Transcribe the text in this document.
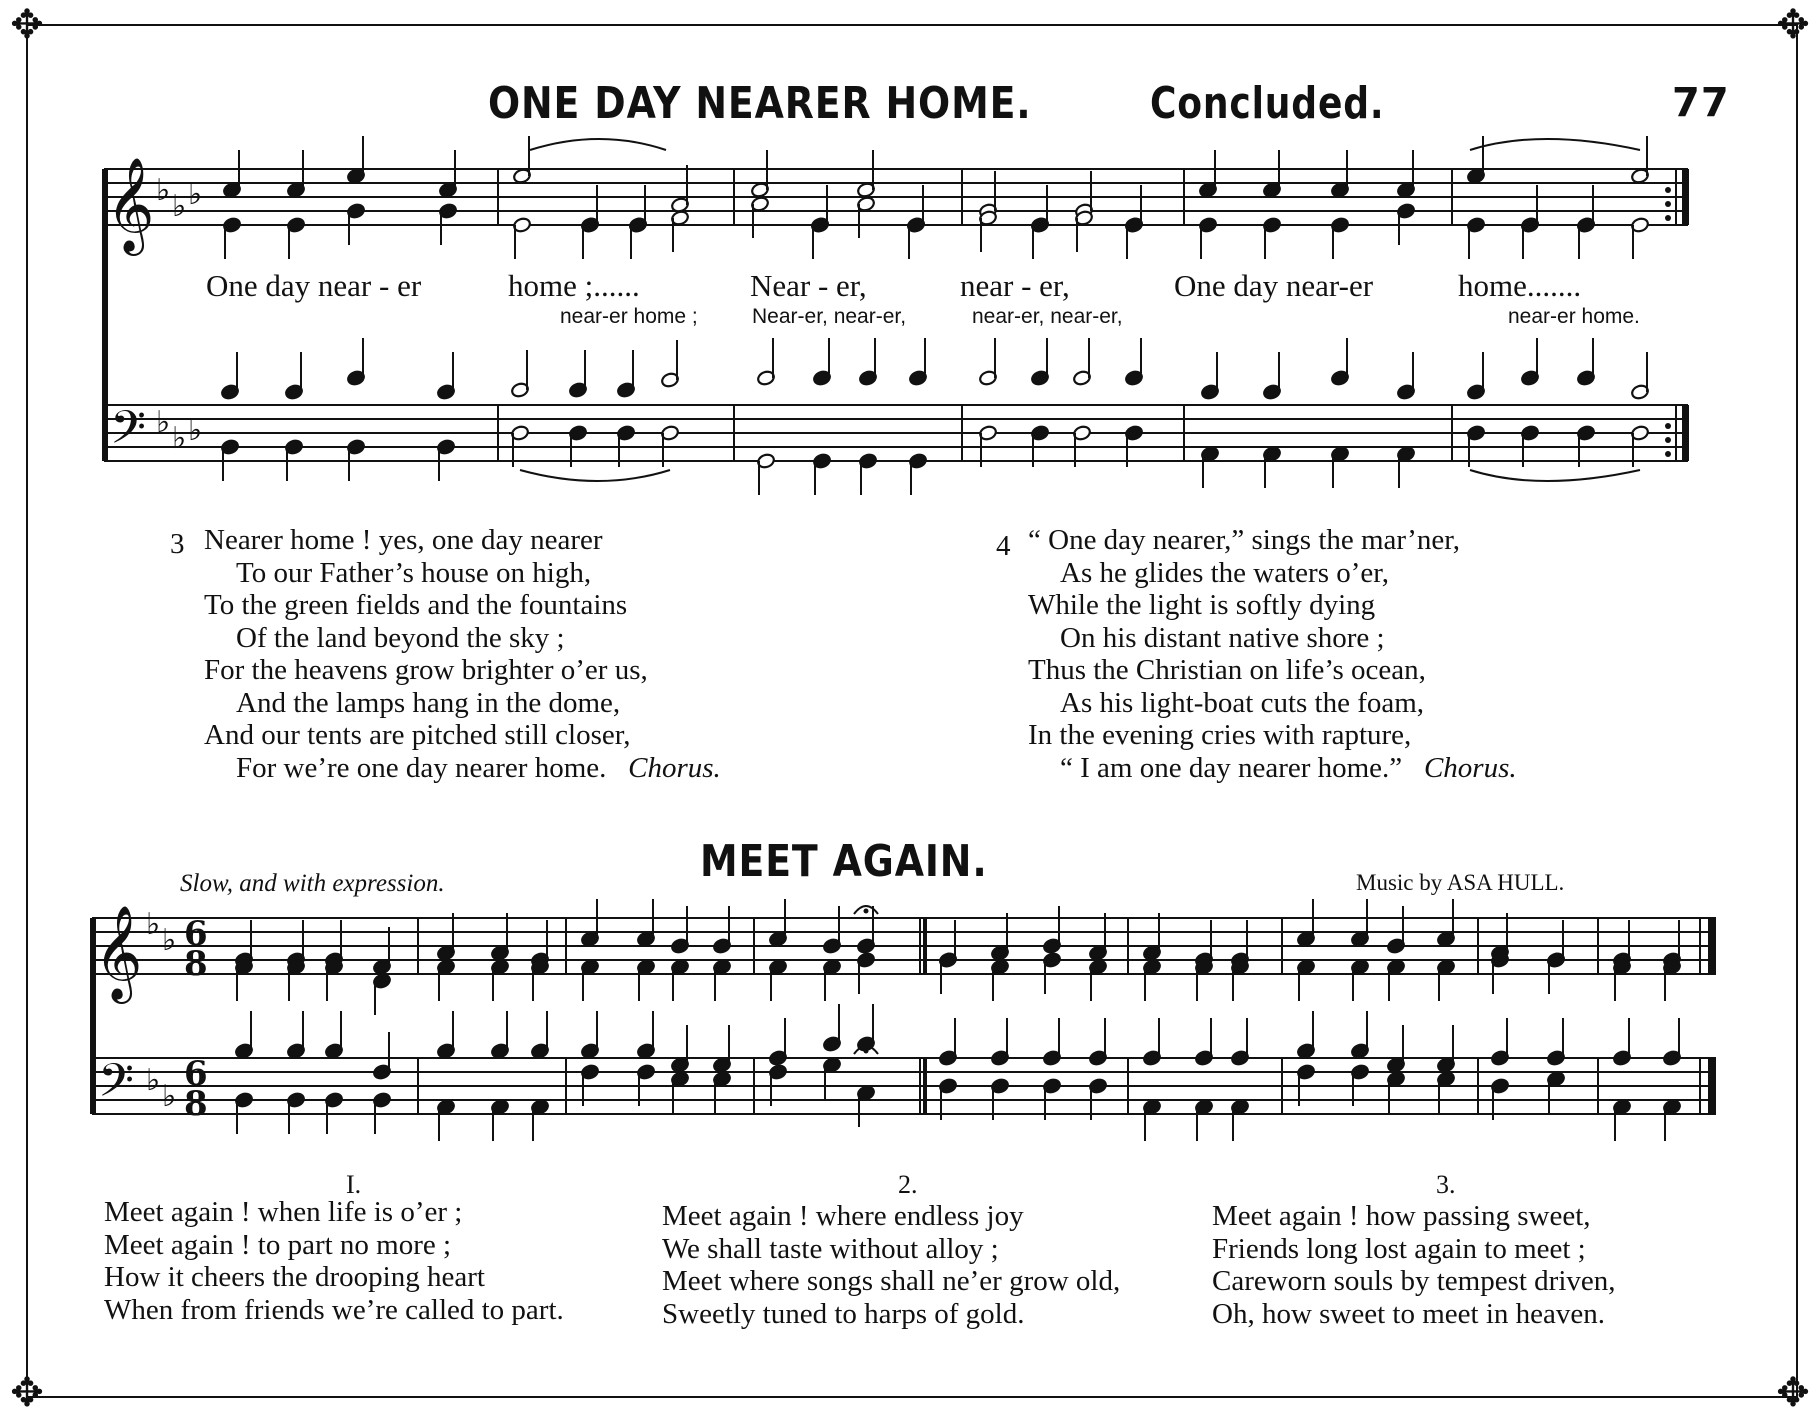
✥	✥
✥	✥
ONE DAY NEARER HOME.	Concluded.	77
𝄞
𝄢
♭ ♭ ♭
♭ ♭ ♭
One day near - er	home ;......	Near - er,	near - er,	One day near-er	home.......
near-er home ;	Near-er, near-er,	near-er, near-er,	near-er home.
3 Nearer home ! yes, one day nearer
To our Father’s house on high,
To the green fields and the fountains
Of the land beyond the sky ;
For the heavens grow brighter o’er us,
And the lamps hang in the dome,
And our tents are pitched still closer,
For we’re one day nearer home. Chorus.
4 “ One day nearer,” sings the mar’ner,
As he glides the waters o’er,
While the light is softly dying
On his distant native shore ;
Thus the Christian on life’s ocean,
As his light-boat cuts the foam,
In the evening cries with rapture,
“ I am one day nearer home.” Chorus.
MEET AGAIN.
Slow, and with expression.	Music by ASA HULL.
𝄞
𝄢
♭ ♭
♭ ♭
6
8
6
8
I.
Meet again ! when life is o’er ;
Meet again ! to part no more ;
How it cheers the drooping heart
When from friends we’re called to part.
2.
Meet again ! where endless joy
We shall taste without alloy ;
Meet where songs shall ne’er grow old,
Sweetly tuned to harps of gold.
3.
Meet again ! how passing sweet,
Friends long lost again to meet ;
Careworn souls by tempest driven,
Oh, how sweet to meet in heaven.
